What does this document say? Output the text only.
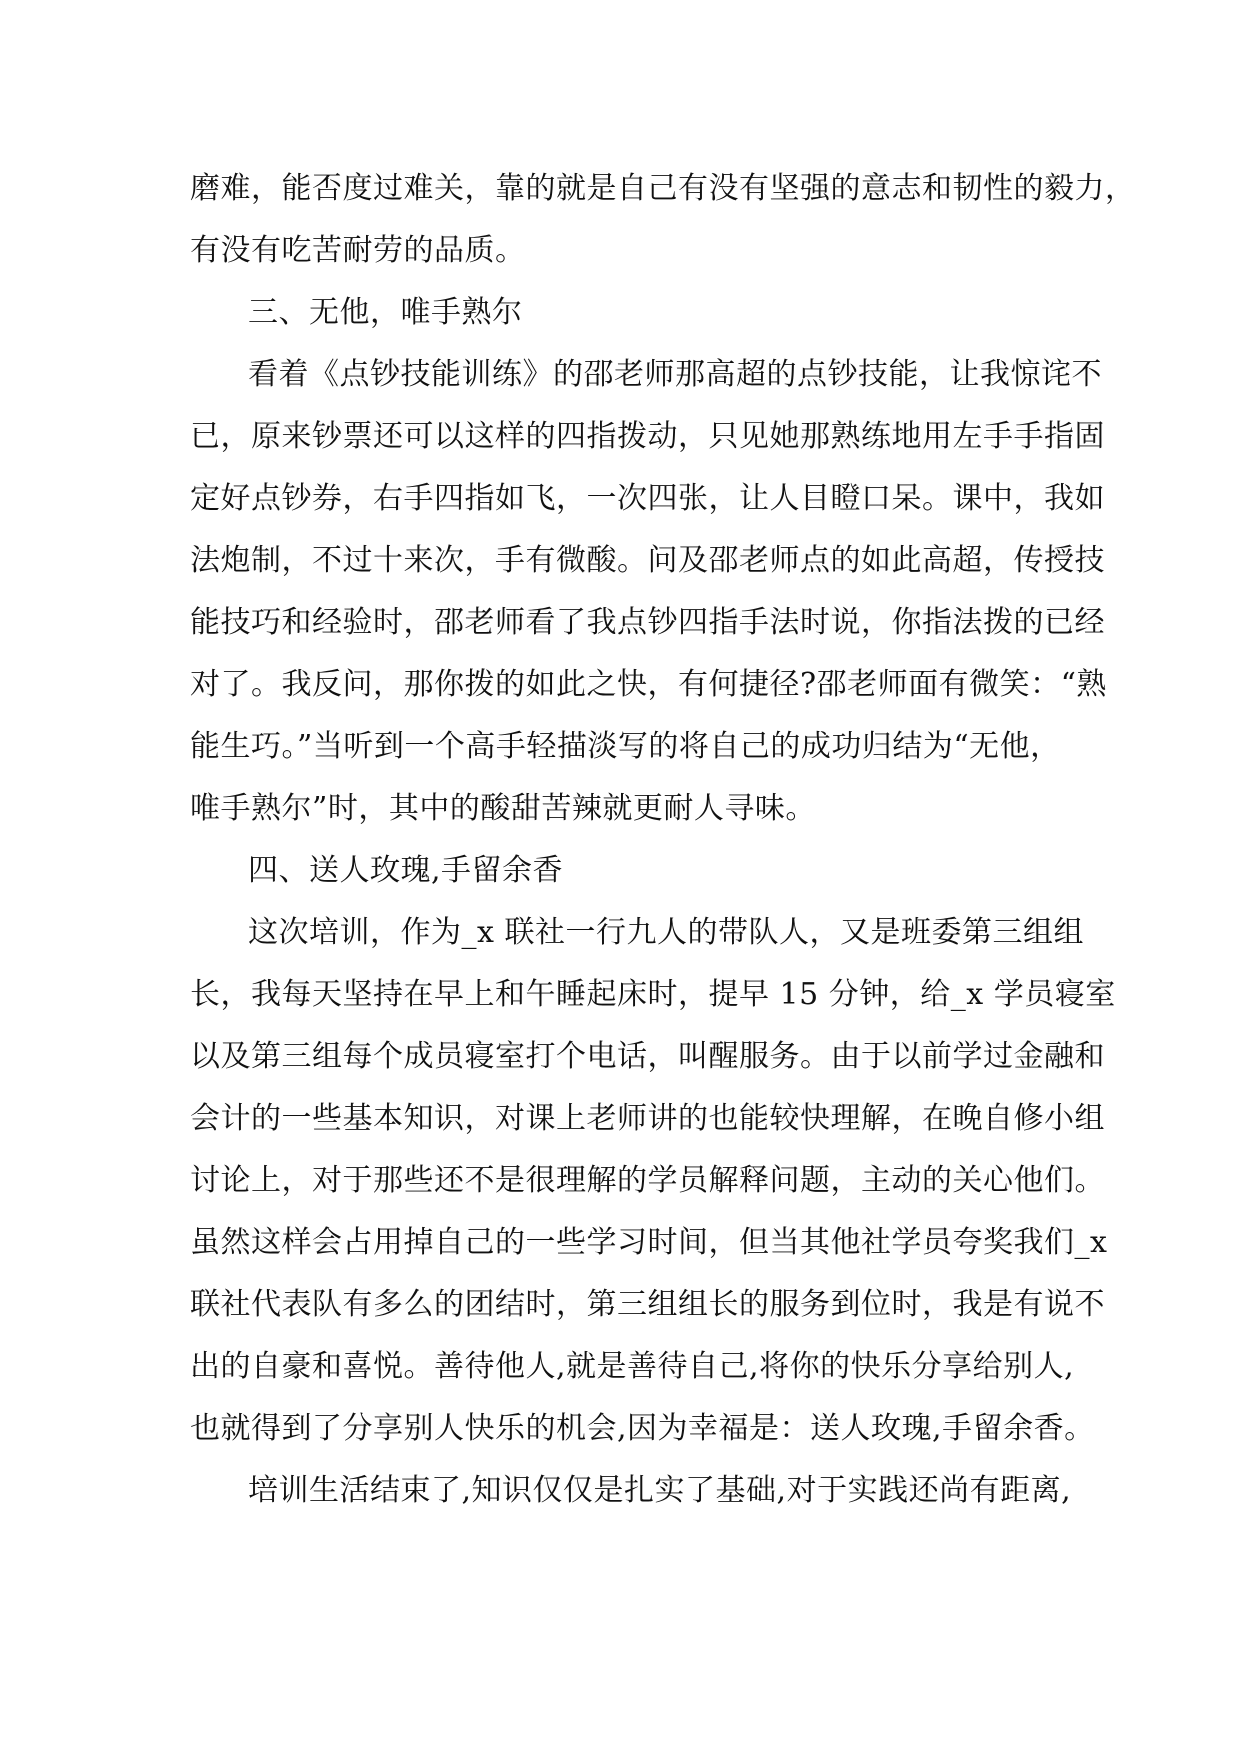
磨难，能否度过难关，靠的就是自己有没有坚强的意志和韧性的毅力，
有没有吃苦耐劳的品质。
三、无他，唯手熟尔
看着《点钞技能训练》的邵老师那高超的点钞技能，让我惊诧不
已，原来钞票还可以这样的四指拨动，只见她那熟练地用左手手指固
定好点钞券，右手四指如飞，一次四张，让人目瞪口呆。课中，我如
法炮制，不过十来次，手有微酸。问及邵老师点的如此高超，传授技
能技巧和经验时，邵老师看了我点钞四指手法时说，你指法拨的已经
对了。我反问，那你拨的如此之快，有何捷径?邵老师面有微笑：“熟
能生巧。”当听到一个高手轻描淡写的将自己的成功归结为“无他，
唯手熟尔”时，其中的酸甜苦辣就更耐人寻味。
四、送人玫瑰,手留余香
这次培训，作为_x 联社一行九人的带队人，又是班委第三组组
长，我每天坚持在早上和午睡起床时，提早 15 分钟，给_x 学员寝室
以及第三组每个成员寝室打个电话，叫醒服务。由于以前学过金融和
会计的一些基本知识，对课上老师讲的也能较快理解，在晚自修小组
讨论上，对于那些还不是很理解的学员解释问题，主动的关心他们。
虽然这样会占用掉自己的一些学习时间，但当其他社学员夸奖我们_x
联社代表队有多么的团结时，第三组组长的服务到位时，我是有说不
出的自豪和喜悦。善待他人,就是善待自己,将你的快乐分享给别人,
也就得到了分享别人快乐的机会,因为幸福是：送人玫瑰,手留余香。
培训生活结束了,知识仅仅是扎实了基础,对于实践还尚有距离,
